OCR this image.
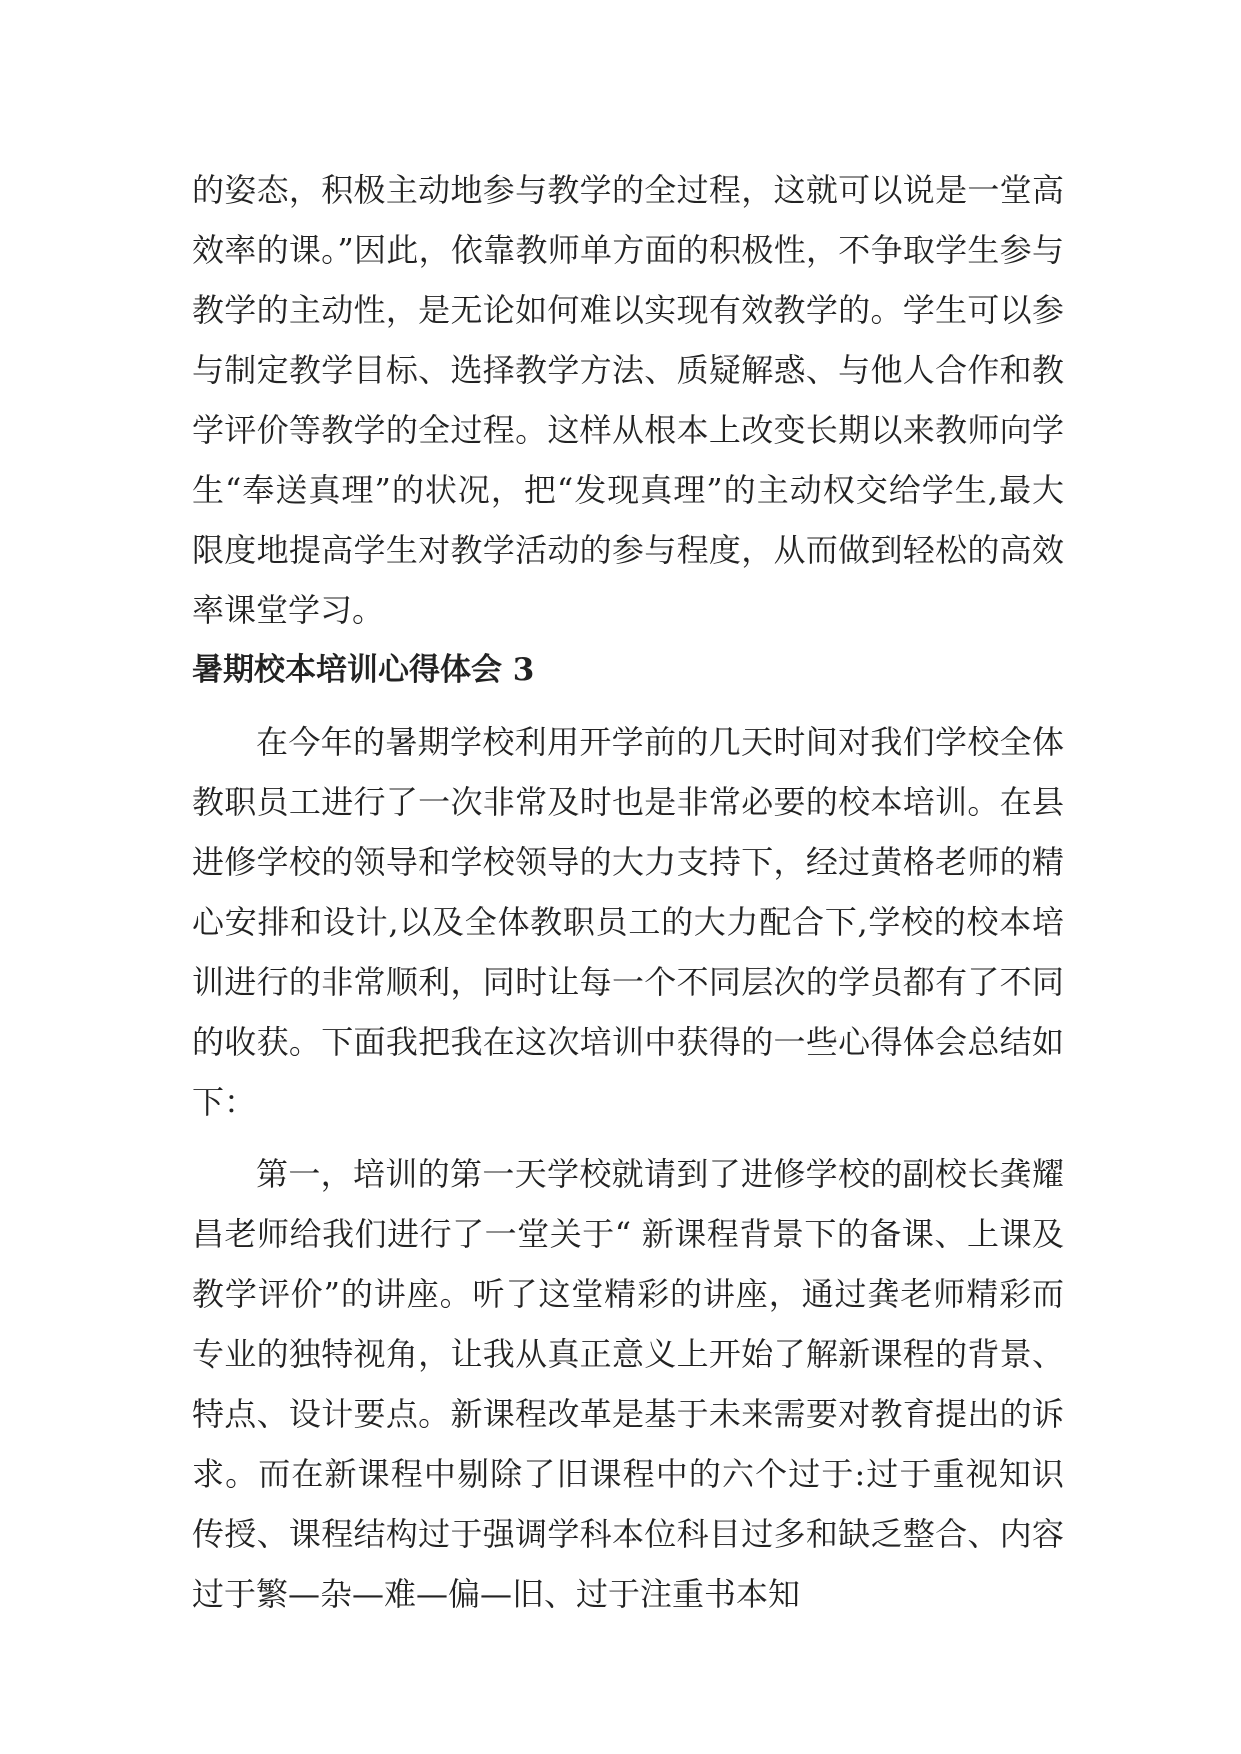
的姿态，积极主动地参与教学的全过程，这就可以说是一堂高效率的课。”因此，依靠教师单方面的积极性，不争取学生参与教学的主动性，是无论如何难以实现有效教学的。学生可以参与制定教学目标、选择教学方法、质疑解惑、与他人合作和教学评价等教学的全过程。这样从根本上改变长期以来教师向学生“奉送真理”的状况，把“发现真理”的主动权交给学生,最大限度地提高学生对教学活动的参与程度，从而做到轻松的高效率课堂学习。

暑期校本培训心得体会 3

在今年的暑期学校利用开学前的几天时间对我们学校全体教职员工进行了一次非常及时也是非常必要的校本培训。在县进修学校的领导和学校领导的大力支持下，经过黄格老师的精心安排和设计,以及全体教职员工的大力配合下,学校的校本培训进行的非常顺利，同时让每一个不同层次的学员都有了不同的收获。下面我把我在这次培训中获得的一些心得体会总结如下：

第一，培训的第一天学校就请到了进修学校的副校长龚耀昌老师给我们进行了一堂关于“ 新课程背景下的备课、上课及教学评价”的讲座。听了这堂精彩的讲座，通过龚老师精彩而专业的独特视角，让我从真正意义上开始了解新课程的背景、特点、设计要点。新课程改革是基于未来需要对教育提出的诉求。而在新课程中剔除了旧课程中的六个过于:过于重视知识传授、课程结构过于强调学科本位科目过多和缺乏整合、内容过于繁—杂—难—偏—旧、过于注重书本知
